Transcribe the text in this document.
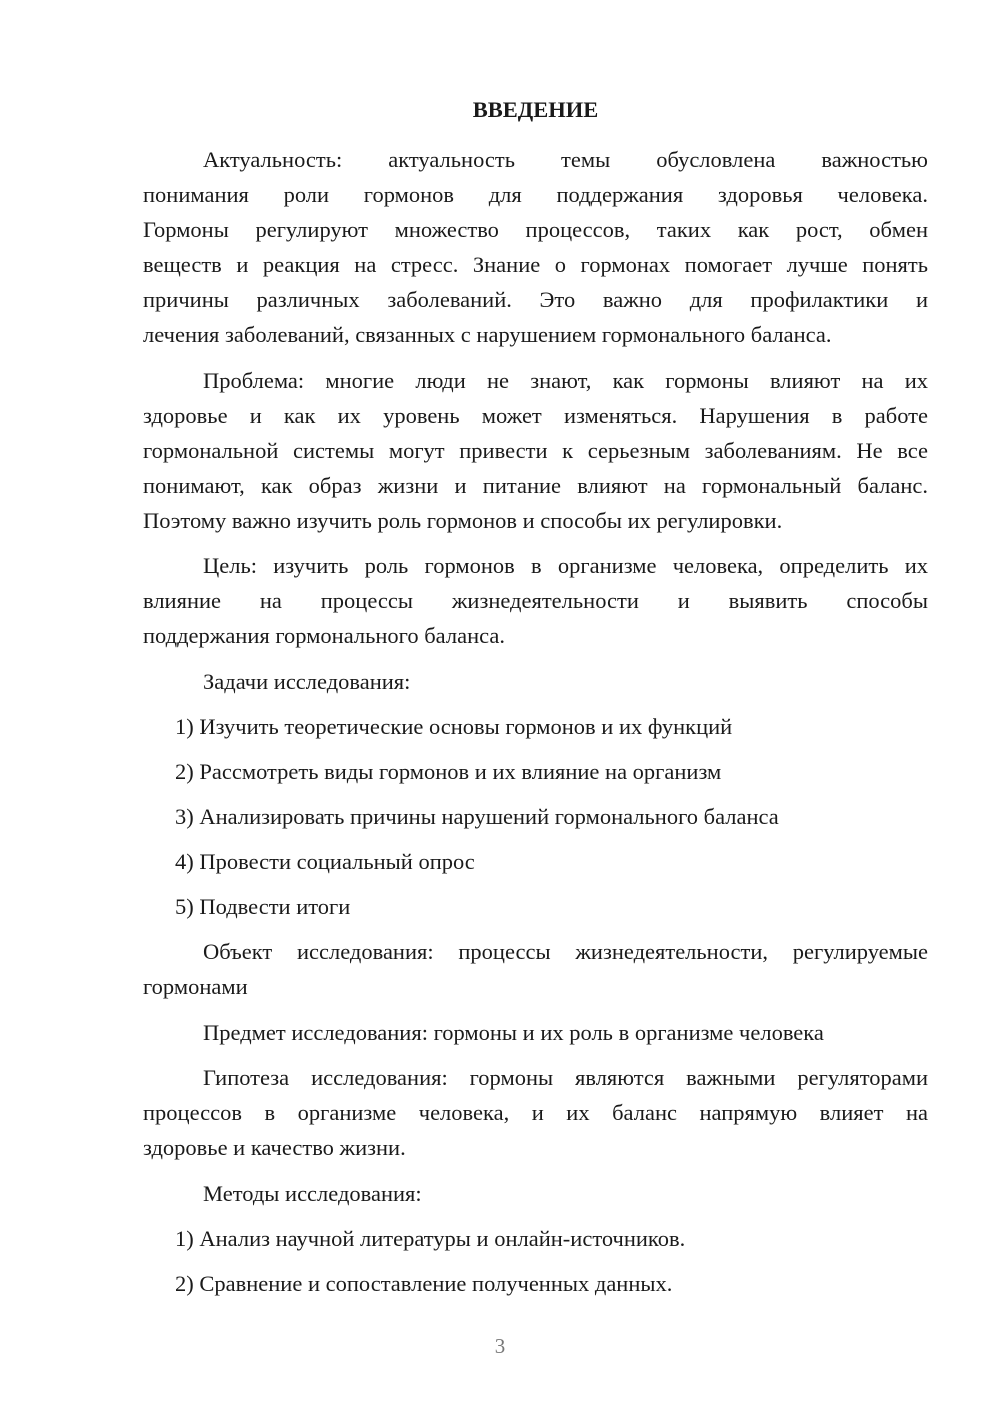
ВВЕДЕНИЕ
Актуальность: актуальность темы обусловлена важностью
понимания роли гормонов для поддержания здоровья человека.
Гормоны регулируют множество процессов, таких как рост, обмен
веществ и реакция на стресс. Знание о гормонах помогает лучше понять
причины различных заболеваний. Это важно для профилактики и
лечения заболеваний, связанных с нарушением гормонального баланса.
Проблема: многие люди не знают, как гормоны влияют на их
здоровье и как их уровень может изменяться. Нарушения в работе
гормональной системы могут привести к серьезным заболеваниям. Не все
понимают, как образ жизни и питание влияют на гормональный баланс.
Поэтому важно изучить роль гормонов и способы их регулировки.
Цель: изучить роль гормонов в организме человека, определить их
влияние на процессы жизнедеятельности и выявить способы
поддержания гормонального баланса.
Задачи исследования:
1) Изучить теоретические основы гормонов и их функций
2) Рассмотреть виды гормонов и их влияние на организм
3) Анализировать причины нарушений гормонального баланса
4) Провести социальный опрос
5) Подвести итоги
Объект исследования: процессы жизнедеятельности, регулируемые
гормонами
Предмет исследования: гормоны и их роль в организме человека
Гипотеза исследования: гормоны являются важными регуляторами
процессов в организме человека, и их баланс напрямую влияет на
здоровье и качество жизни.
Методы исследования:
1) Анализ научной литературы и онлайн-источников.
2) Сравнение и сопоставление полученных данных.
3
